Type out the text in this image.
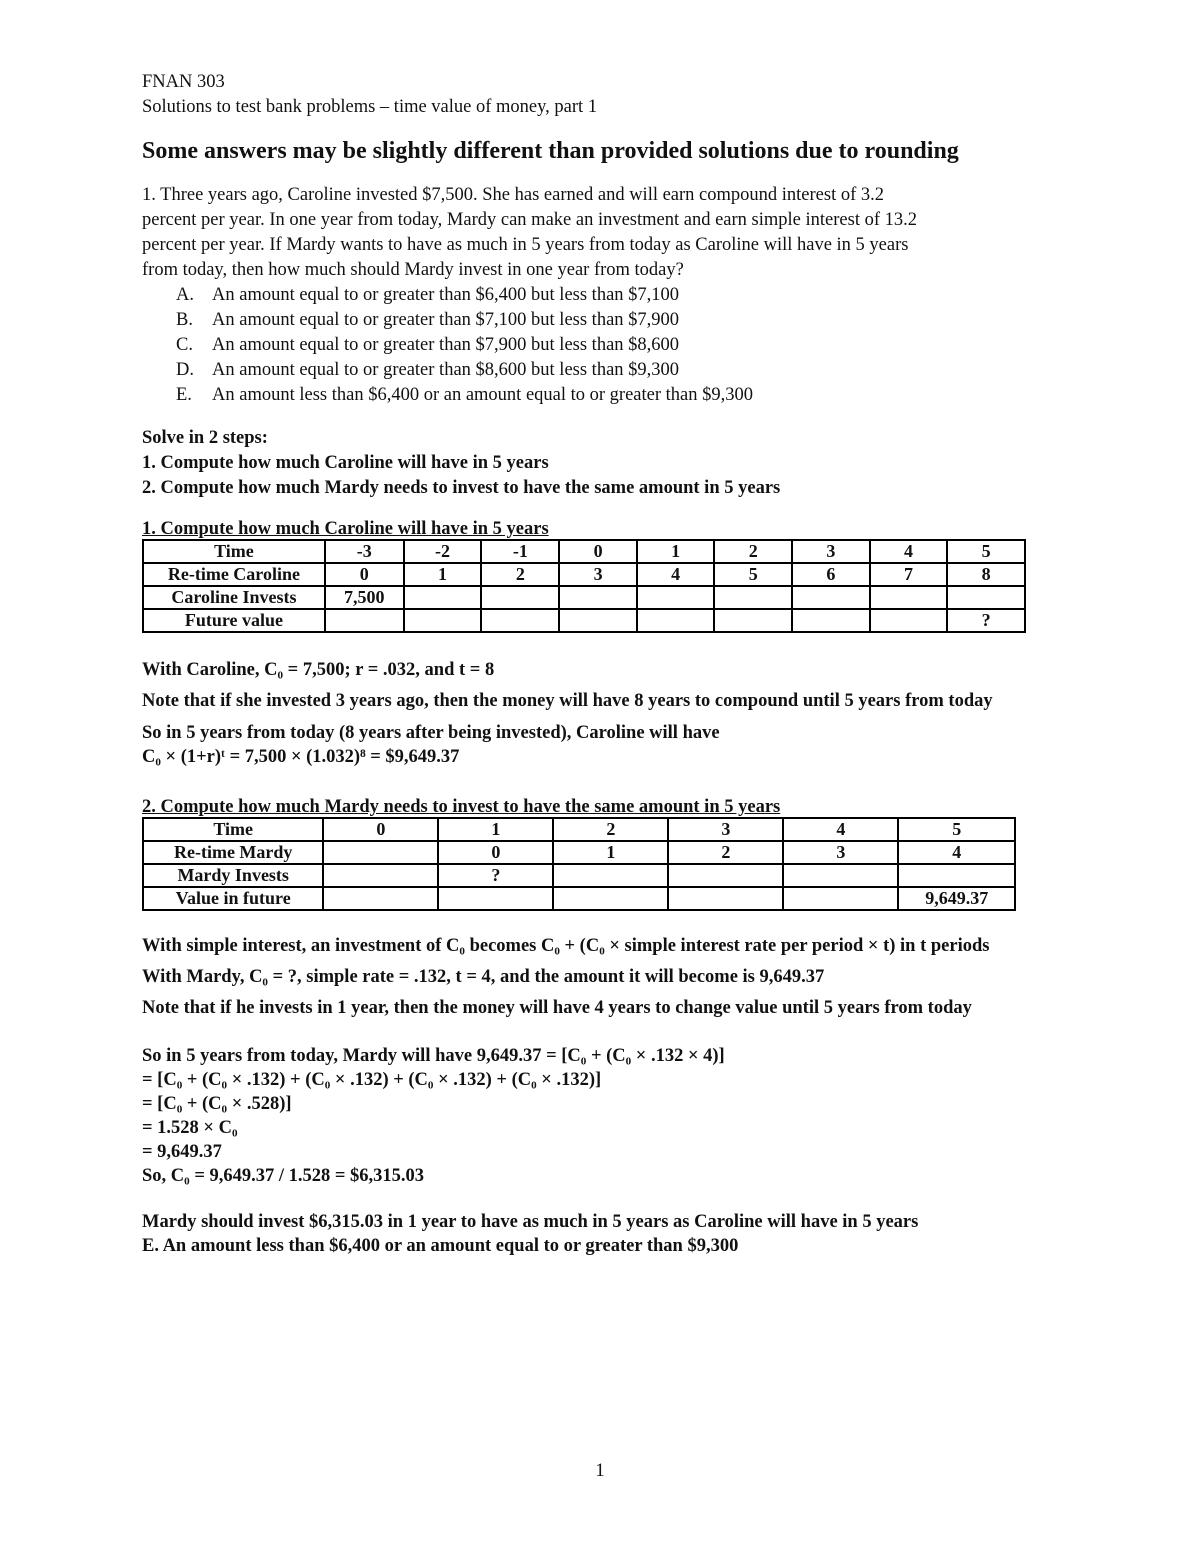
FNAN 303
Solutions to test bank problems – time value of money, part 1
Some answers may be slightly different than provided solutions due to rounding
1. Three years ago, Caroline invested $7,500. She has earned and will earn compound interest of 3.2
percent per year. In one year from today, Mardy can make an investment and earn simple interest of 13.2
percent per year. If Mardy wants to have as much in 5 years from today as Caroline will have in 5 years
from today, then how much should Mardy invest in one year from today?
A. An amount equal to or greater than $6,400 but less than $7,100
B. An amount equal to or greater than $7,100 but less than $7,900
C. An amount equal to or greater than $7,900 but less than $8,600
D. An amount equal to or greater than $8,600 but less than $9,300
E. An amount less than $6,400 or an amount equal to or greater than $9,300
Solve in 2 steps:
1. Compute how much Caroline will have in 5 years
2. Compute how much Mardy needs to invest to have the same amount in 5 years
1. Compute how much Caroline will have in 5 years
Time	-3	-2	-1	0	1	2	3	4	5
Re-time Caroline	0	1	2	3	4	5	6	7	8
Caroline Invests	7,500								
Future value									?
With Caroline, C₀ = 7,500; r = .032, and t = 8
Note that if she invested 3 years ago, then the money will have 8 years to compound until 5 years from today
So in 5 years from today (8 years after being invested), Caroline will have
C₀ × (1+r)ᵗ = 7,500 × (1.032)⁸ = $9,649.37
2. Compute how much Mardy needs to invest to have the same amount in 5 years
Time	0	1	2	3	4	5
Re-time Mardy		0	1	2	3	4
Mardy Invests		?				
Value in future						9,649.37
With simple interest, an investment of C₀ becomes C₀ + (C₀ × simple interest rate per period × t) in t periods
With Mardy, C₀ = ?, simple rate = .132, t = 4, and the amount it will become is 9,649.37
Note that if he invests in 1 year, then the money will have 4 years to change value until 5 years from today
So in 5 years from today, Mardy will have 9,649.37 = [C₀ + (C₀ × .132 × 4)]
= [C₀ + (C₀ × .132) + (C₀ × .132) + (C₀ × .132) + (C₀ × .132)]
= [C₀ + (C₀ × .528)]
= 1.528 × C₀
= 9,649.37
So, C₀ = 9,649.37 / 1.528 = $6,315.03
Mardy should invest $6,315.03 in 1 year to have as much in 5 years as Caroline will have in 5 years
E. An amount less than $6,400 or an amount equal to or greater than $9,300
1
